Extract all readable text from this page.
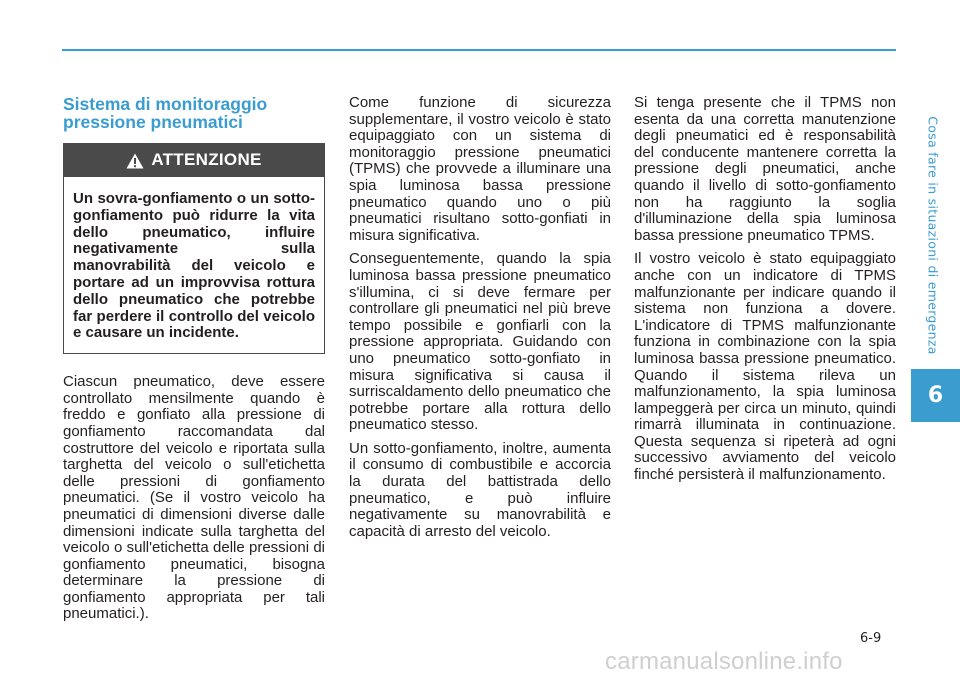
Cosa fare in situazioni di emergenza
6
Sistema di monitoraggio pressione pneumatici
ATTENZIONE
Un sovra-gonfiamento o un sotto-gonfiamento può ridurre la vita dello pneumatico, influire negativamente sulla manovrabilità del veicolo e portare ad un improvvisa rottura dello pneumatico che potrebbe far perdere il controllo del veicolo e causare un incidente.

Ciascun pneumatico, deve essere controllato mensilmente quando è freddo e gonfiato alla pressione di gonfiamento raccomandata dal costruttore del veicolo e riportata sulla targhetta del veicolo o sull'etichetta delle pressioni di gonfiamento pneumatici. (Se il vostro veicolo ha pneumatici di dimensioni diverse dalle dimensioni indicate sulla targhetta del veicolo o sull'etichetta delle pressioni di gonfiamento pneumatici, bisogna determinare la pressione di gonfiamento appropriata per tali pneumatici.).

Come funzione di sicurezza supplementare, il vostro veicolo è stato equipaggiato con un sistema di monitoraggio pressione pneumatici (TPMS) che provvede a illuminare una spia luminosa bassa pressione pneumatico quando uno o più pneumatici risultano sotto-gonfiati in misura significativa.

Conseguentemente, quando la spia luminosa bassa pressione pneumatico s'illumina, ci si deve fermare per controllare gli pneumatici nel più breve tempo possibile e gonfiarli con la pressione appropriata. Guidando con uno pneumatico sotto-gonfiato in misura significativa si causa il surriscaldamento dello pneumatico che potrebbe portare alla rottura dello pneumatico stesso.

Un sotto-gonfiamento, inoltre, aumenta il consumo di combustibile e accorcia la durata del battistrada dello pneumatico, e può influire negativamente su manovrabilità e capacità di arresto del veicolo.

Si tenga presente che il TPMS non esenta da una corretta manutenzione degli pneumatici ed è responsabilità del conducente mantenere corretta la pressione degli pneumatici, anche quando il livello di sotto-gonfiamento non ha raggiunto la soglia d'illuminazione della spia luminosa bassa pressione pneumatico TPMS.

Il vostro veicolo è stato equipaggiato anche con un indicatore di TPMS malfunzionante per indicare quando il sistema non funziona a dovere. L'indicatore di TPMS malfunzionante funziona in combinazione con la spia luminosa bassa pressione pneumatico. Quando il sistema rileva un malfunzionamento, la spia luminosa lampeggerà per circa un minuto, quindi rimarrà illuminata in continuazione. Questa sequenza si ripeterà ad ogni successivo avviamento del veicolo finché persisterà il malfunzionamento.

6-9
carmanualsonline.info
